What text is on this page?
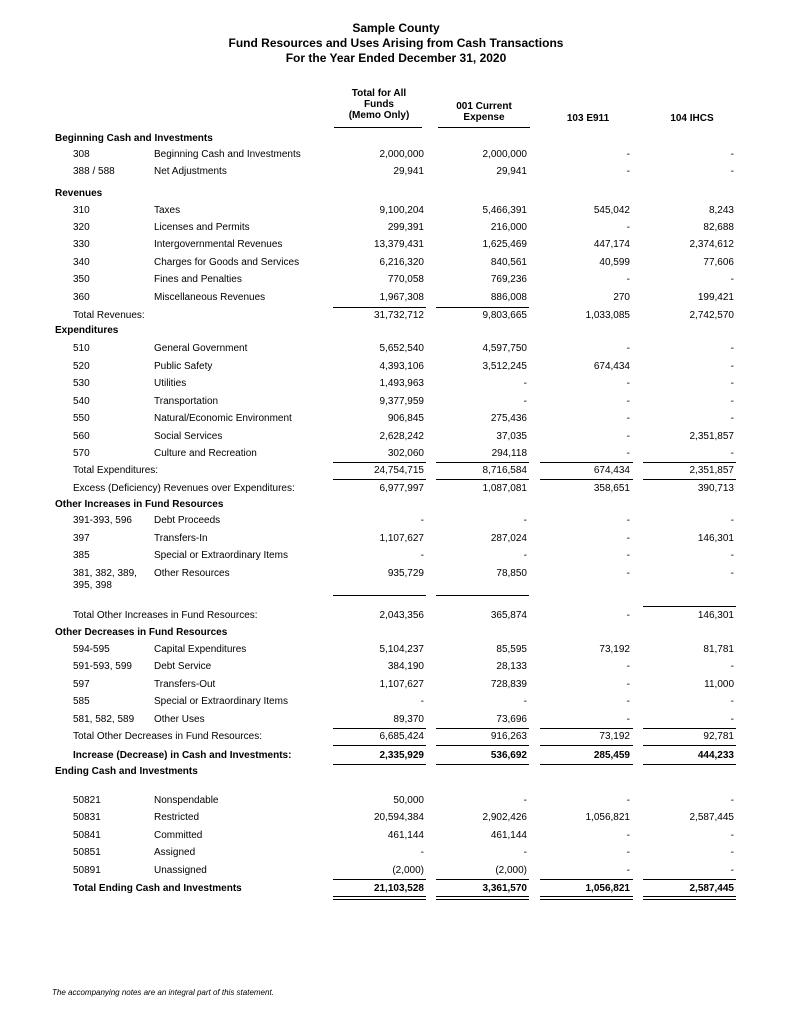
Sample County
Fund Resources and Uses Arising from Cash Transactions
For the Year Ended December 31, 2020
Total for All
Funds
(Memo Only)
001 Current
Expense	103 E911	104 IHCS
Beginning Cash and Investments
308	Beginning Cash and Investments	2,000,000	2,000,000	-	-
388 / 588	Net Adjustments	29,941	29,941	-	-
Revenues
310	Taxes	9,100,204	5,466,391	545,042	8,243
320	Licenses and Permits	299,391	216,000	-	82,688
330	Intergovernmental Revenues	13,379,431	1,625,469	447,174	2,374,612
340	Charges for Goods and Services	6,216,320	840,561	40,599	77,606
350	Fines and Penalties	770,058	769,236	-	-
360	Miscellaneous Revenues	1,967,308	886,008	270	199,421
Total Revenues:	31,732,712	9,803,665	1,033,085	2,742,570
Expenditures
510	General Government	5,652,540	4,597,750	-	-
520	Public Safety	4,393,106	3,512,245	674,434	-
530	Utilities	1,493,963	-	-	-
540	Transportation	9,377,959	-	-	-
550	Natural/Economic Environment	906,845	275,436	-	-
560	Social Services	2,628,242	37,035	-	2,351,857
570	Culture and Recreation	302,060	294,118	-	-
Total Expenditures:	24,754,715	8,716,584	674,434	2,351,857
Excess (Deficiency) Revenues over Expenditures:	6,977,997	1,087,081	358,651	390,713
Other Increases in Fund Resources
391-393, 596 Debt Proceeds	-	-	-	-
397	Transfers-In	1,107,627	287,024	-	146,301
385	Special or Extraordinary Items	-	-	-	-
381, 382, 389, Other Resources	935,729	78,850	-	-
395, 398
Total Other Increases in Fund Resources:	2,043,356	365,874	-	146,301
Other Decreases in Fund Resources
594-595	Capital Expenditures	5,104,237	85,595	73,192	81,781
591-593, 599 Debt Service	384,190	28,133	-	-
597	Transfers-Out	1,107,627	728,839	-	11,000
585	Special or Extraordinary Items	-	-	-	-
581, 582, 589 Other Uses	89,370	73,696	-	-
Total Other Decreases in Fund Resources:	6,685,424	916,263	73,192	92,781
Increase (Decrease) in Cash and Investments:	2,335,929	536,692	285,459	444,233
Ending Cash and Investments
50821	Nonspendable	50,000	-	-	-
50831	Restricted	20,594,384	2,902,426	1,056,821	2,587,445
50841	Committed	461,144	461,144	-	-
50851	Assigned	-	-	-	-
50891	Unassigned	(2,000)	(2,000)	-	-
Total Ending Cash and Investments	21,103,528	3,361,570	1,056,821	2,587,445
The accompanying notes are an integral part of this statement.
